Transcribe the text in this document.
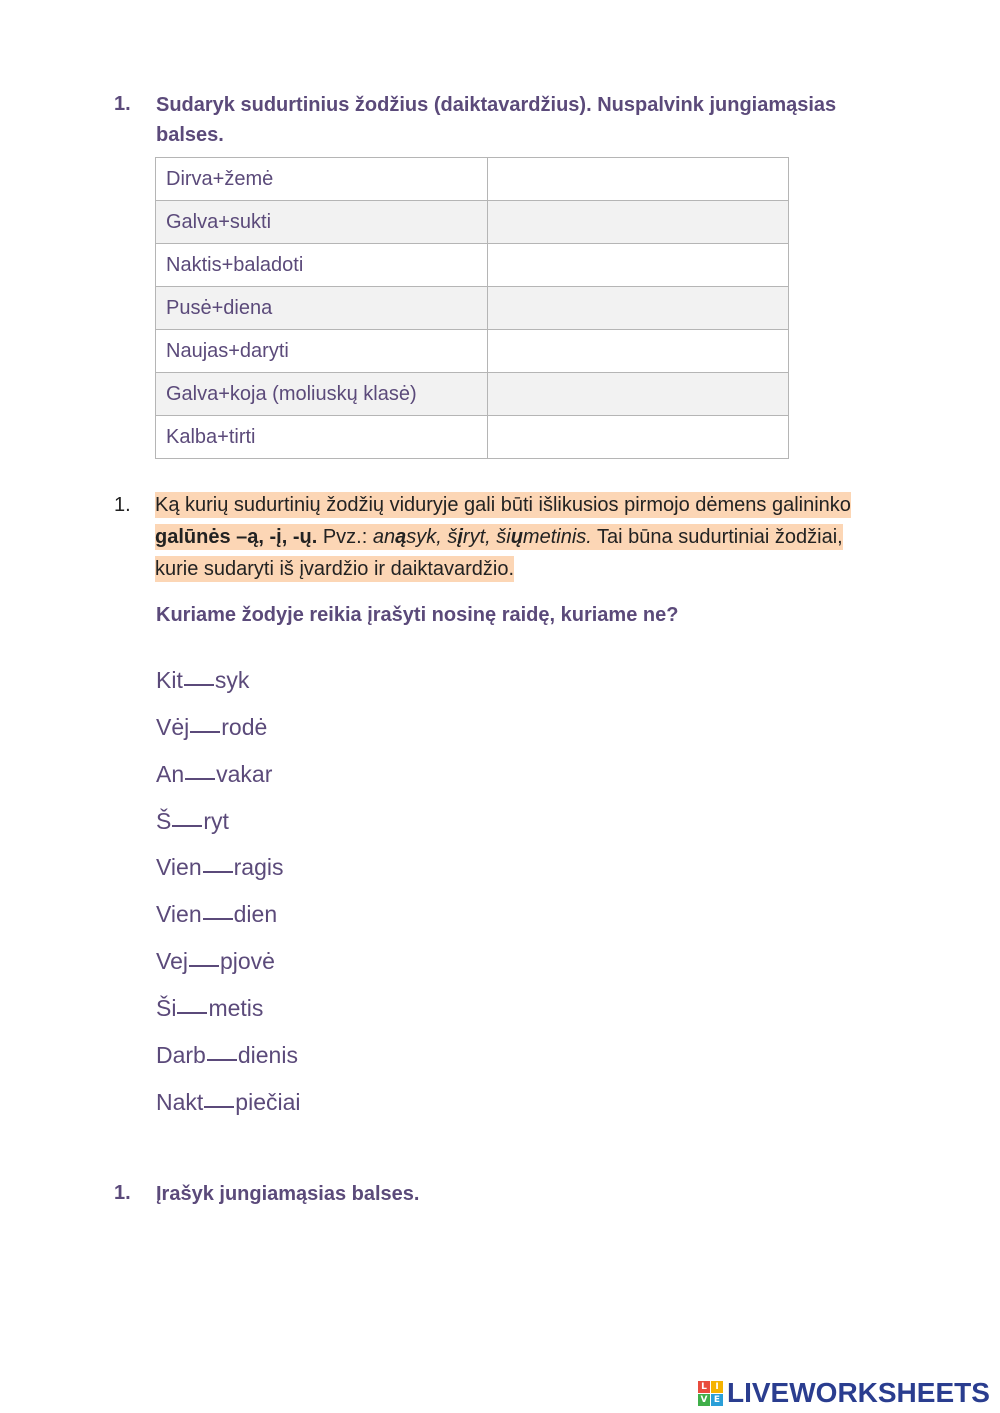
1. Sudaryk sudurtinius žodžius (daiktavardžius). Nuspalvink jungiamąsias balses.
Dirva+žemė	
Galva+sukti	
Naktis+baladoti	
Pusė+diena	
Naujas+daryti	
Galva+koja (moliuskų klasė)	
Kalba+tirti	
1. Ką kurių sudurtinių žodžių viduryje gali būti išlikusios pirmojo dėmens galininko galūnės –ą, -į, -ų. Pvz.: anąsyk, šįryt, šiųmetinis. Tai būna sudurtiniai žodžiai, kurie sudaryti iš įvardžio ir daiktavardžio.
Kuriame žodyje reikia įrašyti nosinę raidę, kuriame ne?
Kit syk
Vėj rodė
An vakar
Š ryt
Vien ragis
Vien dien
Vej pjovė
Ši metis
Darb dienis
Nakt piečiai
1. Įrašyk jungiamąsias balses.
L I
V E LIVEWORKSHEETS
